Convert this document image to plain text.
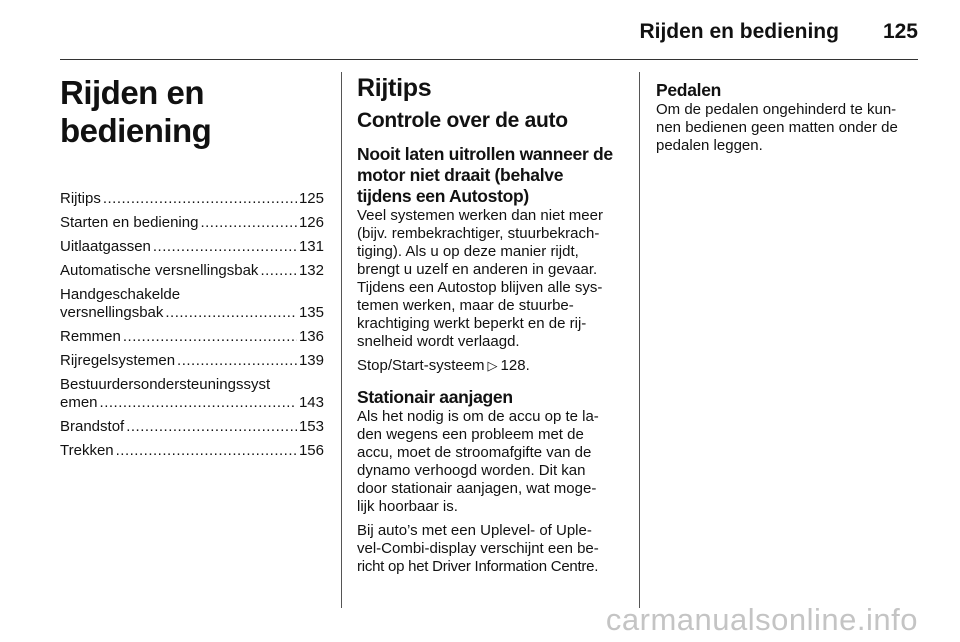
Rijden en bediening 125
Rijden en bediening
Rijtips .....	125
Starten en bediening .....	126
Uitlaatgassen .....	131
Automatische versnellingsbak .....	132
Handgeschakelde
versnellingsbak .....	135
Remmen .....	136
Rijregelsystemen .....	139
Bestuurdersondersteuningssyst
emen .....	143
Brandstof .....	153
Trekken .....	156
Rijtips
Controle over de auto
Nooit laten uitrollen wanneer de
motor niet draait (behalve
tijdens een Autostop)
Veel systemen werken dan niet meer
(bijv. rembekrachtiger, stuurbekrach-
tiging). Als u op deze manier rijdt,
brengt u uzelf en anderen in gevaar.
Tijdens een Autostop blijven alle sys-
temen werken, maar de stuurbe-
krachtiging werkt beperkt en de rij-
snelheid wordt verlaagd.
Stop/Start-systeem ▷ 128.
Stationair aanjagen
Als het nodig is om de accu op te la-
den wegens een probleem met de
accu, moet de stroomafgifte van de
dynamo verhoogd worden. Dit kan
door stationair aanjagen, wat moge-
lijk hoorbaar is.
Bij auto’s met een Uplevel- of Uple-
vel-Combi-display verschijnt een be-
richt op het Driver Information Centre.
Pedalen
Om de pedalen ongehinderd te kun-
nen bedienen geen matten onder de
pedalen leggen.
carmanualsonline.info
